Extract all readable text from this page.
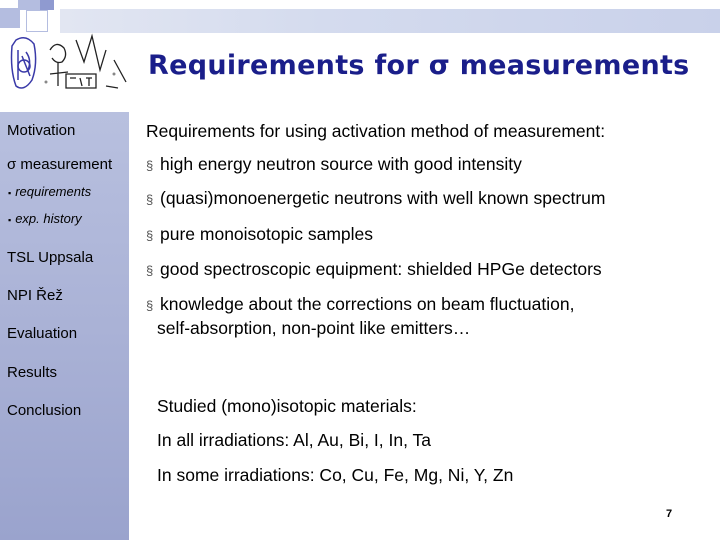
Requirements for σ measurements
Motivation
σ measurement
▪ requirements
▪ exp. history
TSL Uppsala
NPI Řež
Evaluation
Results
Conclusion
Requirements for using activation method of measurement:
§ high energy neutron source with good intensity
§ (quasi)monoenergetic neutrons with well known spectrum
§ pure monoisotopic samples
§ good spectroscopic equipment: shielded HPGe detectors
§ knowledge about the corrections on beam fluctuation,
self-absorption, non-point like emitters…
Studied (mono)isotopic materials:
In all irradiations: Al, Au, Bi, I, In, Ta
In some irradiations: Co, Cu, Fe, Mg, Ni, Y, Zn
7
